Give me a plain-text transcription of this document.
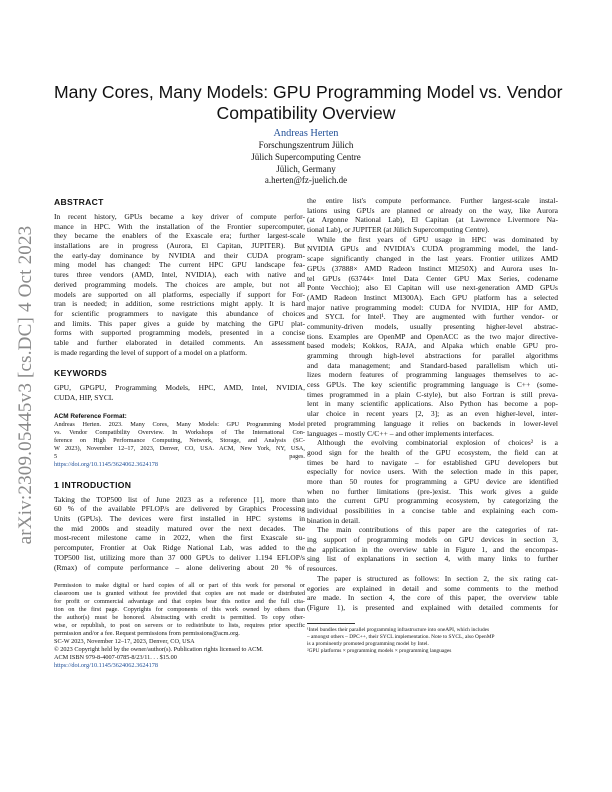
arXiv:2309.05445v3 [cs.DC] 4 Oct 2023
Many Cores, Many Models: GPU Programming Model vs. Vendor
Compatibility Overview
Andreas Herten
Forschungszentrum Jülich
Jülich Supercomputing Centre
Jülich, Germany
a.herten@fz-juelich.de
ABSTRACT
In recent history, GPUs became a key driver of compute perfor-
mance in HPC. With the installation of the Frontier supercomputer,
they became the enablers of the Exascale era; further largest-scale
installations are in progress (Aurora, El Capitan, JUPITER). But
the early-day dominance by NVIDIA and their CUDA program-
ming model has changed: The current HPC GPU landscape fea-
tures three vendors (AMD, Intel, NVIDIA), each with native and
derived programming models. The choices are ample, but not all
models are supported on all platforms, especially if support for For-
tran is needed; in addition, some restrictions might apply. It is hard
for scientific programmers to navigate this abundance of choices
and limits. This paper gives a guide by matching the GPU plat-
forms with supported programming models, presented in a concise
table and further elaborated in detailed comments. An assessment
is made regarding the level of support of a model on a platform.
KEYWORDS
GPU, GPGPU, Programming Models, HPC, AMD, Intel, NVIDIA,
CUDA, HIP, SYCL
ACM Reference Format:
Andreas Herten. 2023. Many Cores, Many Models: GPU Programming Model
vs. Vendor Compatibility Overview. In Workshops of The International Con-
ference on High Performance Computing, Network, Storage, and Analysis (SC-
W 2023), November 12–17, 2023, Denver, CO, USA. ACM, New York, NY, USA,
5 pages.
https://doi.org/10.1145/3624062.3624178
1 INTRODUCTION
Taking the TOP500 list of June 2023 as a reference [1], more than
60 % of the available PFLOP/s are delivered by Graphics Processing
Units (GPUs). The devices were first installed in HPC systems in
the mid 2000s and steadily matured over the next decades. The
most-recent milestone came in 2022, when the first Exascale su-
percomputer, Frontier at Oak Ridge National Lab, was added to the
TOP500 list, utilizing more than 37 000 GPUs to deliver 1.194 EFLOP/s
(Rmax) of compute performance – alone delivering about 20 % of
Permission to make digital or hard copies of all or part of this work for personal or
classroom use is granted without fee provided that copies are not made or distributed
for profit or commercial advantage and that copies bear this notice and the full cita-
tion on the first page. Copyrights for components of this work owned by others than
the author(s) must be honored. Abstracting with credit is permitted. To copy other-
wise, or republish, to post on servers or to redistribute to lists, requires prior specific
permission and/or a fee. Request permissions from permissions@acm.org.
SC-W 2023, November 12–17, 2023, Denver, CO, USA
© 2023 Copyright held by the owner/author(s). Publication rights licensed to ACM.
ACM ISBN 979-8-4007-0785-8/23/11. . . $15.00
https://doi.org/10.1145/3624062.3624178
the entire list's compute performance. Further largest-scale instal-
lations using GPUs are planned or already on the way, like Aurora
(at Argonne National Lab), El Capitan (at Lawrence Livermore Na-
tional Lab), or JUPITER (at Jülich Supercomputing Centre).
While the first years of GPU usage in HPC was dominated by
NVIDIA GPUs and NVIDIA's CUDA programming model, the land-
scape significantly changed in the last years. Frontier utilizes AMD
GPUs (37888× AMD Radeon Instinct MI250X) and Aurora uses In-
tel GPUs (63744× Intel Data Center GPU Max Series, codename
Ponte Vecchio); also El Capitan will use next-generation AMD GPUs
(AMD Radeon Instinct MI300A). Each GPU platform has a selected
major native programming model: CUDA for NVIDIA, HIP for AMD,
and SYCL for Intel¹. They are augmented with further vendor- or
community-driven models, usually presenting higher-level abstrac-
tions. Examples are OpenMP and OpenACC as the two major directive-
based models; Kokkos, RAJA, and Alpaka which enable GPU pro-
gramming through high-level abstractions for parallel algorithms
and data management; and Standard-based parallelism which uti-
lizes modern features of programming languages themselves to ac-
cess GPUs. The key scientific programming language is C++ (some-
times programmed in a plain C-style), but also Fortran is still preva-
lent in many scientific applications. Also Python has become a pop-
ular choice in recent years [2, 3]; as an even higher-level, inter-
preted programming language it relies on backends in lower-level
languages – mostly C/C++ – and other implements interfaces.
Although the evolving combinatorial explosion of choices² is a
good sign for the health of the GPU ecosystem, the field can at
times be hard to navigate – for established GPU developers but
especially for novice users. With the selection made in this paper,
more than 50 routes for programming a GPU device are identified
when no further limitations (pre-)exist. This work gives a guide
into the current GPU programming ecosystem, by categorizing the
individual possibilities in a concise table and explaining each com-
bination in detail.
The main contributions of this paper are the categories of rat-
ing support of programming models on GPU devices in section 3,
the application in the overview table in Figure 1, and the encompas-
sing list of explanations in section 4, with many links to further
resources.
The paper is structured as follows: In section 2, the six rating cat-
egories are explained in detail and some comments to the method
are made. In section 4, the core of this paper, the overview table
(Figure 1), is presented and explained with detailed comments for
¹Intel bundles their parallel programming infrastructure into oneAPI, which includes
– amongst others – DPC++, their SYCL implementation. Note to SYCL, also OpenMP
is a prominently promoted programming model by Intel.
²GPU platforms × programming models × programming languages
